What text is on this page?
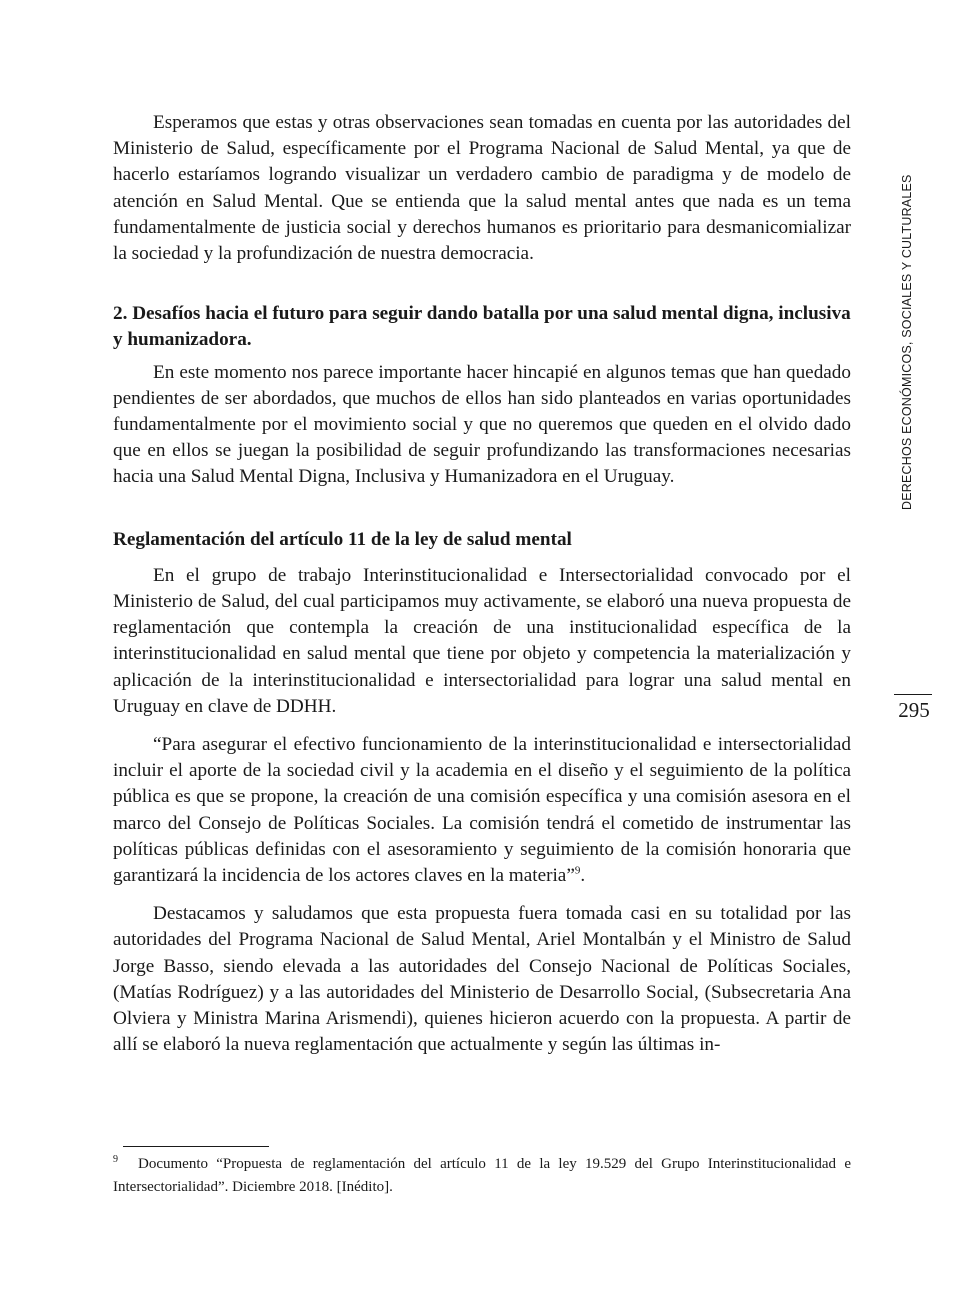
Esperamos que estas y otras observaciones sean tomadas en cuenta por las autoridades del Ministerio de Salud, específicamente por el Programa Nacional de Salud Mental, ya que de hacerlo estaríamos logrando visualizar un verdadero cambio de paradigma y de modelo de atención en Salud Mental. Que se entienda que la salud mental antes que nada es un tema fundamentalmente de justicia social y derechos humanos es prioritario para desmanicomializar la sociedad y la profundización de nuestra democracia.

2. Desafíos hacia el futuro para seguir dando batalla por una salud mental digna, inclusiva y humanizadora.

En este momento nos parece importante hacer hincapié en algunos temas que han quedado pendientes de ser abordados, que muchos de ellos han sido planteados en varias oportunidades fundamentalmente por el movimiento social y que no queremos que queden en el olvido dado que en ellos se juegan la posibilidad de seguir profundizando las transformaciones necesarias hacia una Salud Mental Digna, Inclusiva y Humanizadora en el Uruguay.

Reglamentación del artículo 11 de la ley de salud mental

En el grupo de trabajo Interinstitucionalidad e Intersectorialidad convocado por el Ministerio de Salud, del cual participamos muy activamente, se elaboró una nueva propuesta de reglamentación que contempla la creación de una institucionalidad específica de la interinstitucionalidad en salud mental que tiene por objeto y competencia la materialización y aplicación de la interinstitucionalidad e intersectorialidad para lograr una salud mental en Uruguay en clave de DDHH.

“Para asegurar el efectivo funcionamiento de la interinstitucionalidad e intersectorialidad incluir el aporte de la sociedad civil y la academia en el diseño y el seguimiento de la política pública es que se propone, la creación de una comisión específica y una comisión asesora en el marco del Consejo de Políticas Sociales. La comisión tendrá el cometido de instrumentar las políticas públicas definidas con el asesoramiento y seguimiento de la comisión honoraria que garantizará la incidencia de los actores claves en la materia”$^9$.

Destacamos y saludamos que esta propuesta fuera tomada casi en su totalidad por las autoridades del Programa Nacional de Salud Mental, Ariel Montalbán y el Ministro de Salud Jorge Basso, siendo elevada a las autoridades del Consejo Nacional de Políticas Sociales, (Matías Rodríguez) y a las autoridades del Ministerio de Desarrollo Social, (Subsecretaria Ana Olviera y Ministra Marina Arismendi), quienes hicieron acuerdo con la propuesta. A partir de allí se elaboró la nueva reglamentación que actualmente y según las últimas in-

DERECHOS ECONÓMICOS, SOCIALES Y CULTURALES
295

$^9$ Documento “Propuesta de reglamentación del artículo 11 de la ley 19.529 del Grupo Interinstitucionalidad e Intersectorialidad”. Diciembre 2018. [Inédito].
